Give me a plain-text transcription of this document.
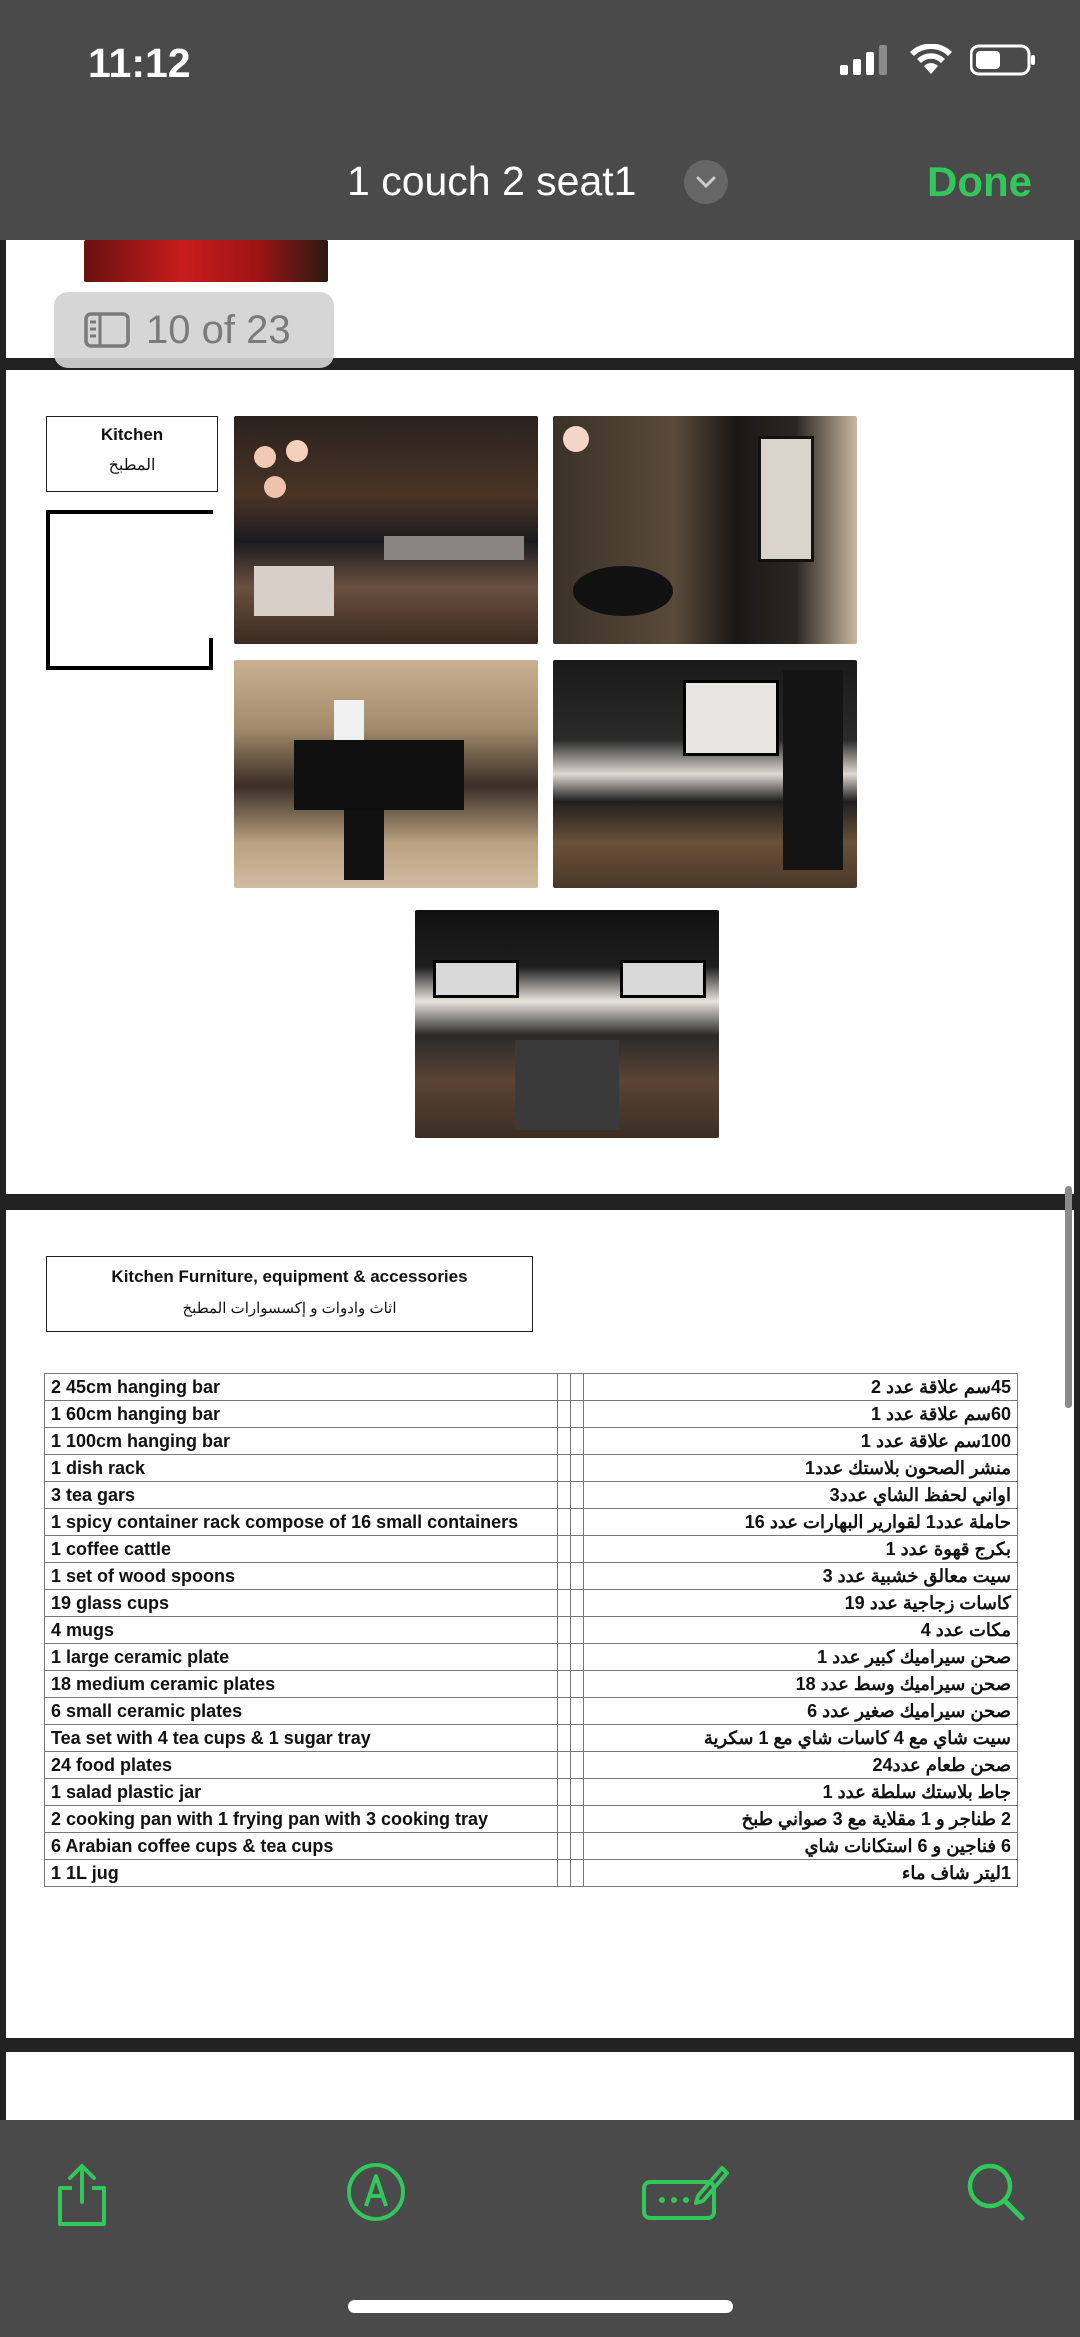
11:12
1 couch 2 seat1	Done
10 of 23
Kitchen
المطبخ
Kitchen Furniture, equipment & accessories
اثاث وادوات و إكسسوارات المطبخ
2 45cm hanging bar			45سم علاقة عدد 2
1 60cm hanging bar			60سم علاقة عدد 1
1 100cm hanging bar			100سم علاقة عدد 1
1 dish rack			منشر الصحون بلاستك عدد1
3 tea gars			اواني لحفظ الشاي عدد3
1 spicy container rack compose of 16 small containers			حاملة عدد1 لقوارير البهارات عدد 16
1 coffee cattle			بكرج قهوة عدد 1
1 set of wood spoons			سيت معالق خشبية عدد 3
19 glass cups			كاسات زجاجية عدد 19
4 mugs			مكات عدد 4
1 large ceramic plate			صحن سيراميك كبير عدد 1
18 medium ceramic plates			صحن سيراميك وسط عدد 18
6 small ceramic plates			صحن سيراميك صغير عدد 6
Tea set with 4 tea cups & 1 sugar tray			سيت شاي مع 4 كاسات شاي مع 1 سكرية
24 food plates			صحن طعام عدد24
1 salad plastic jar			جاط بلاستك سلطة عدد 1
2 cooking pan with 1 frying pan with 3 cooking tray			2 طناجر و 1 مقلاية مع 3 صواني طبخ
6 Arabian coffee cups & tea cups			6 فناجين و 6 استكانات شاي
1 1L jug			1ليتر شاف ماء
